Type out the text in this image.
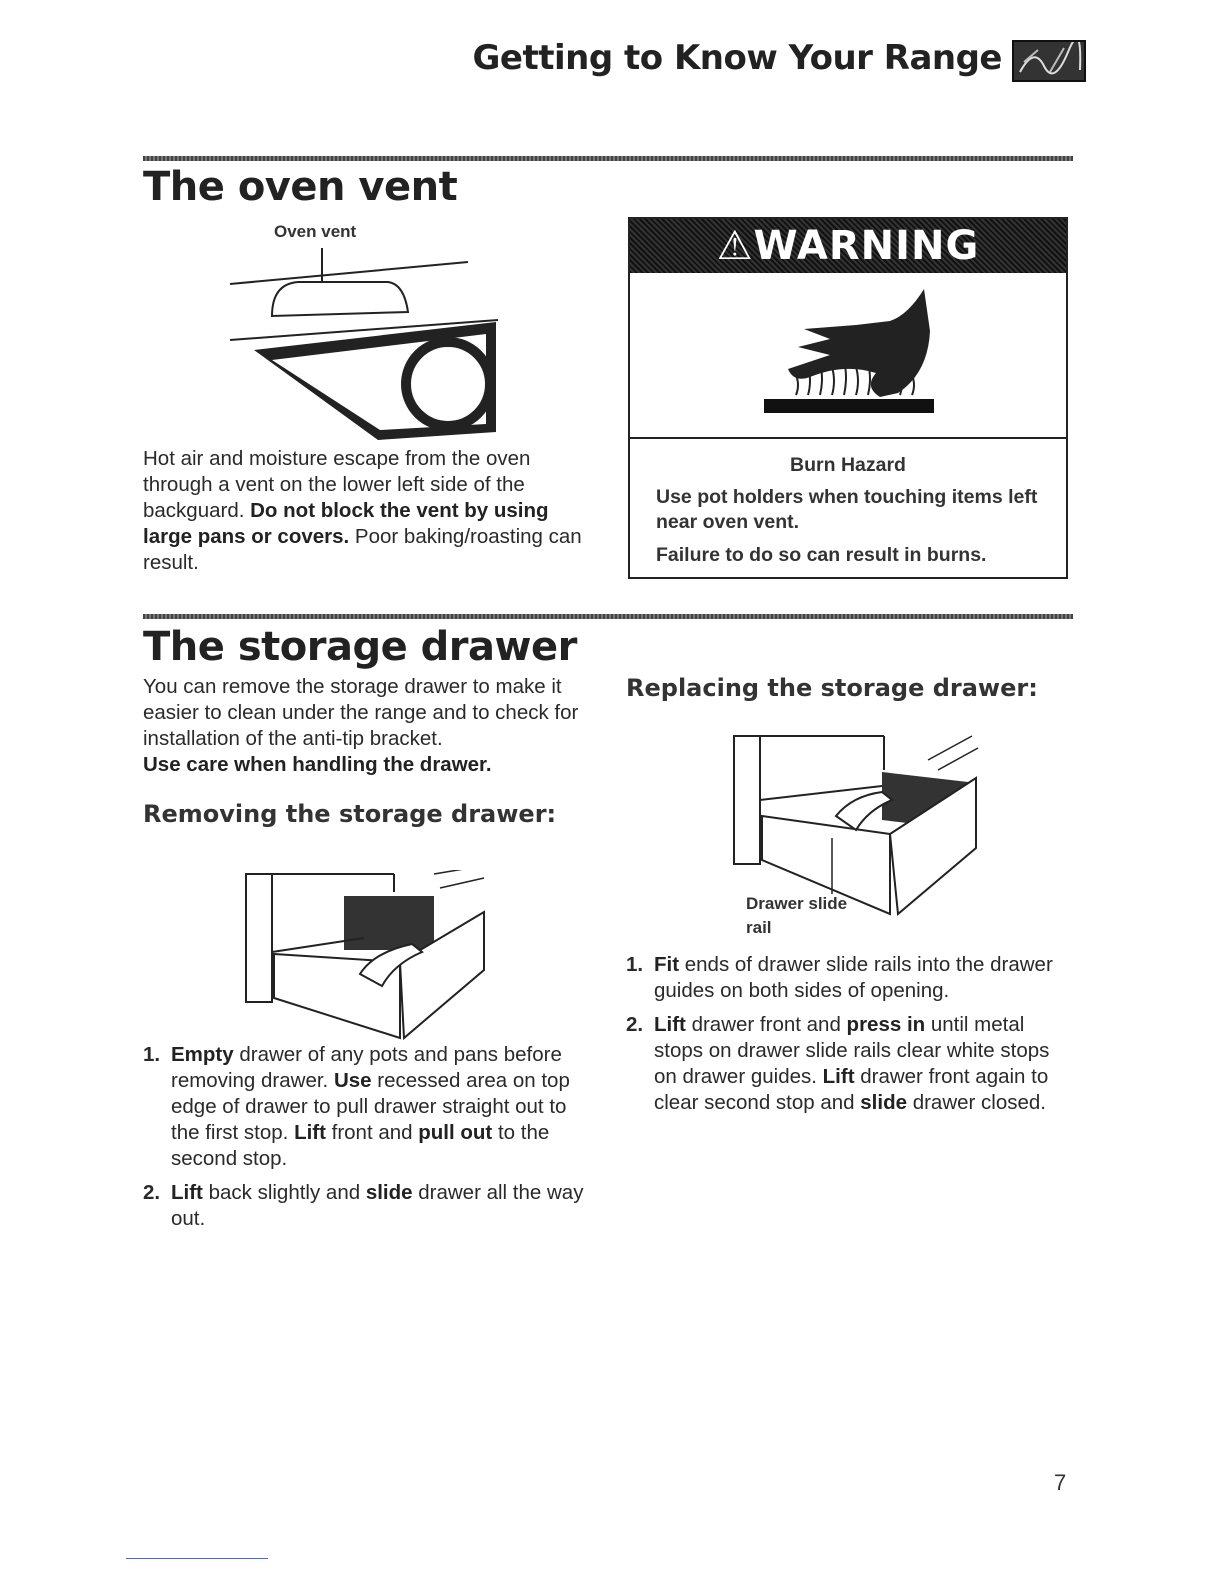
Getting to Know Your Range
The oven vent
Oven vent
Hot air and moisture escape from the oven through a vent on the lower left side of the backguard. Do not block the vent by using large pans or covers. Poor baking/roasting can result.
⚠WARNING
Burn Hazard
Use pot holders when touching items left near oven vent.
Failure to do so can result in burns.
The storage drawer
You can remove the storage drawer to make it easier to clean under the range and to check for installation of the anti-tip bracket.
Use care when handling the drawer.
Removing the storage drawer:
1. Empty drawer of any pots and pans before removing drawer. Use recessed area on top edge of drawer to pull drawer straight out to the first stop. Lift front and pull out to the second stop.
2. Lift back slightly and slide drawer all the way out.
Replacing the storage drawer:
Drawer slide
rail
1. Fit ends of drawer slide rails into the drawer guides on both sides of opening.
2. Lift drawer front and press in until metal stops on drawer slide rails clear white stops on drawer guides. Lift drawer front again to clear second stop and slide drawer closed.
7
